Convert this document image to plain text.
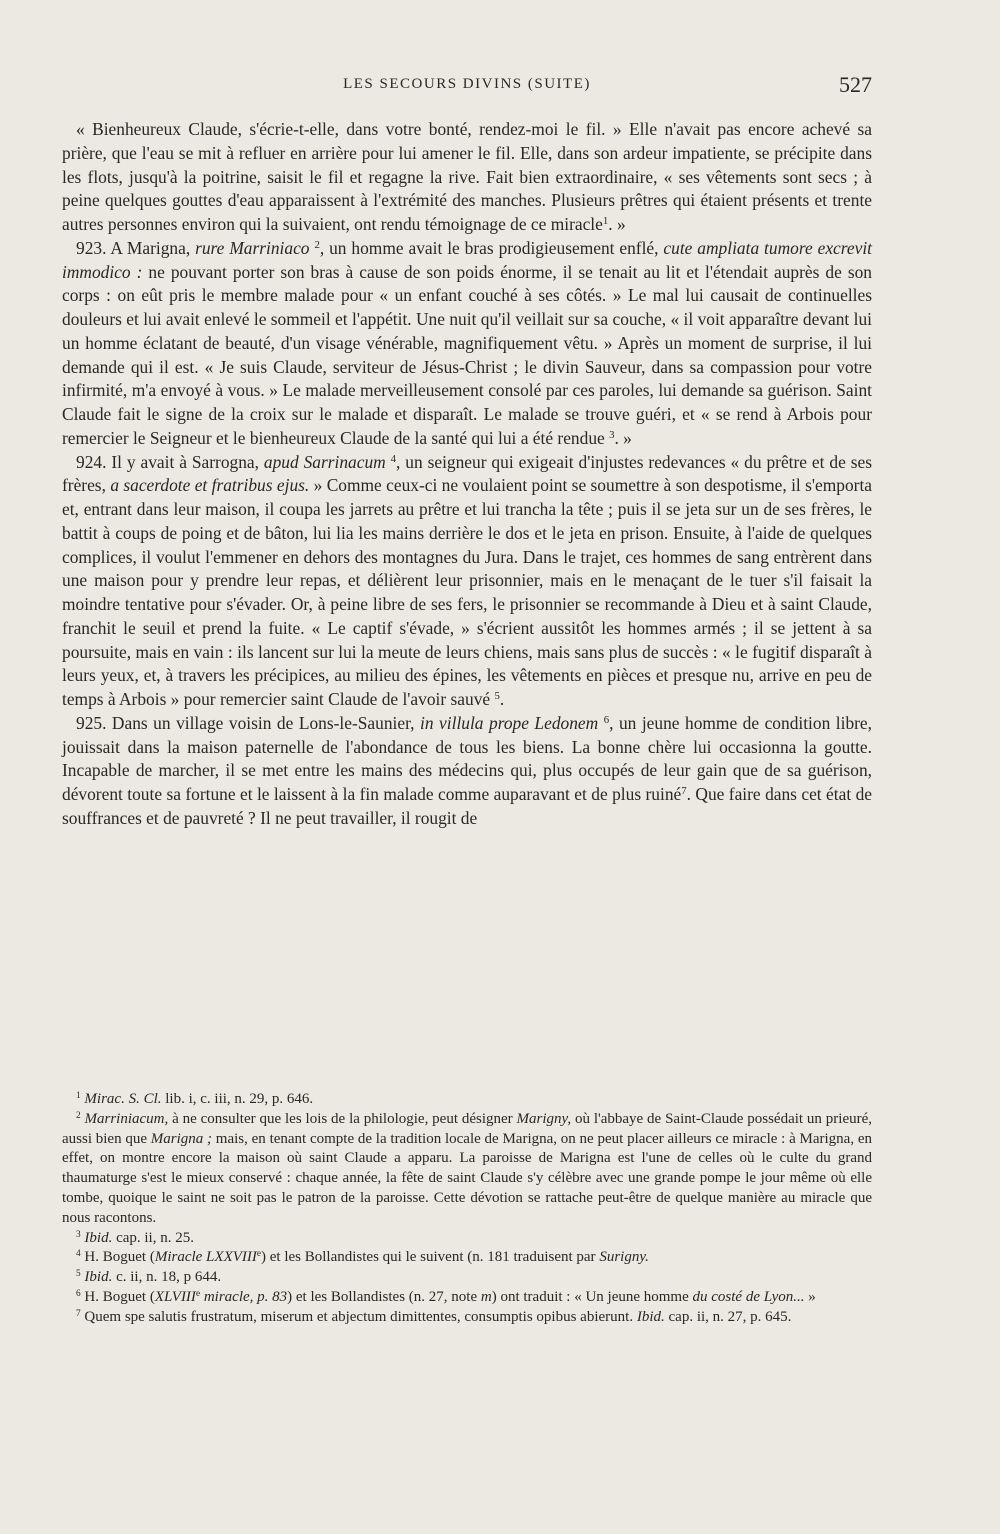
LES SECOURS DIVINS (SUITE)	527

« Bienheureux Claude, s'écrie-t-elle, dans votre bonté, rendez-moi le fil. » Elle n'avait pas encore achevé sa prière, que l'eau se mit à refluer en arrière pour lui amener le fil. Elle, dans son ardeur impatiente, se précipite dans les flots, jusqu'à la poitrine, saisit le fil et regagne la rive. Fait bien extraordinaire, « ses vêtements sont secs ; à peine quelques gouttes d'eau apparaissent à l'extrémité des manches. Plusieurs prêtres qui étaient présents et trente autres personnes environ qui la suivaient, ont rendu témoignage de ce miracle$^1$. »

923. A Marigna, rure Marriniaco $^2$, un homme avait le bras prodigieusement enflé, cute ampliata tumore excrevit immodico : ne pouvant porter son bras à cause de son poids énorme, il se tenait au lit et l'étendait auprès de son corps : on eût pris le membre malade pour « un enfant couché à ses côtés. » Le mal lui causait de continuelles douleurs et lui avait enlevé le sommeil et l'appétit. Une nuit qu'il veillait sur sa couche, « il voit apparaître devant lui un homme éclatant de beauté, d'un visage vénérable, magnifiquement vêtu. » Après un moment de surprise, il lui demande qui il est. « Je suis Claude, serviteur de Jésus-Christ ; le divin Sauveur, dans sa compassion pour votre infirmité, m'a envoyé à vous. » Le malade merveilleusement consolé par ces paroles, lui demande sa guérison. Saint Claude fait le signe de la croix sur le malade et disparaît. Le malade se trouve guéri, et « se rend à Arbois pour remercier le Seigneur et le bienheureux Claude de la santé qui lui a été rendue $^3$. »

924. Il y avait à Sarrogna, apud Sarrinacum $^4$, un seigneur qui exigeait d'injustes redevances « du prêtre et de ses frères, a sacerdote et fratribus ejus. » Comme ceux-ci ne voulaient point se soumettre à son despotisme, il s'emporta et, entrant dans leur maison, il coupa les jarrets au prêtre et lui trancha la tête ; puis il se jeta sur un de ses frères, le battit à coups de poing et de bâton, lui lia les mains derrière le dos et le jeta en prison. Ensuite, à l'aide de quelques complices, il voulut l'emmener en dehors des montagnes du Jura. Dans le trajet, ces hommes de sang entrèrent dans une maison pour y prendre leur repas, et délièrent leur prisonnier, mais en le menaçant de le tuer s'il faisait la moindre tentative pour s'évader. Or, à peine libre de ses fers, le prisonnier se recommande à Dieu et à saint Claude, franchit le seuil et prend la fuite. « Le captif s'évade, » s'écrient aussitôt les hommes armés ; il se jettent à sa poursuite, mais en vain : ils lancent sur lui la meute de leurs chiens, mais sans plus de succès : « le fugitif disparaît à leurs yeux, et, à travers les précipices, au milieu des épines, les vêtements en pièces et presque nu, arrive en peu de temps à Arbois » pour remercier saint Claude de l'avoir sauvé $^5$.

925. Dans un village voisin de Lons-le-Saunier, in villula prope Ledonem $^6$, un jeune homme de condition libre, jouissait dans la maison paternelle de l'abondance de tous les biens. La bonne chère lui occasionna la goutte. Incapable de marcher, il se met entre les mains des médecins qui, plus occupés de leur gain que de sa guérison, dévorent toute sa fortune et le laissent à la fin malade comme auparavant et de plus ruiné$^7$. Que faire dans cet état de souffrances et de pauvreté ? Il ne peut travailler, il rougit de

$^1$ Mirac. S. Cl. lib. i, c. iii, n. 29, p. 646.

$^2$ Marriniacum, à ne consulter que les lois de la philologie, peut désigner Marigny, où l'abbaye de Saint-Claude possédait un prieuré, aussi bien que Marigna ; mais, en tenant compte de la tradition locale de Marigna, on ne peut placer ailleurs ce miracle : à Marigna, en effet, on montre encore la maison où saint Claude a apparu. La paroisse de Marigna est l'une de celles où le culte du grand thaumaturge s'est le mieux conservé : chaque année, la fête de saint Claude s'y célèbre avec une grande pompe le jour même où elle tombe, quoique le saint ne soit pas le patron de la paroisse. Cette dévotion se rattache peut-être de quelque manière au miracle que nous racontons.

$^3$ Ibid. cap. ii, n. 25.

$^4$ H. Boguet (Miracle LXXVIIIe) et les Bollandistes qui le suivent (n. 181 traduisent par Surigny.

$^5$ Ibid. c. ii, n. 18, p 644.

$^6$ H. Boguet (XLVIIIe miracle, p. 83) et les Bollandistes (n. 27, note m) ont traduit : « Un jeune homme du costé de Lyon... »

$^7$ Quem spe salutis frustratum, miserum et abjectum dimittentes, consumptis opibus abierunt. Ibid. cap. ii, n. 27, p. 645.
